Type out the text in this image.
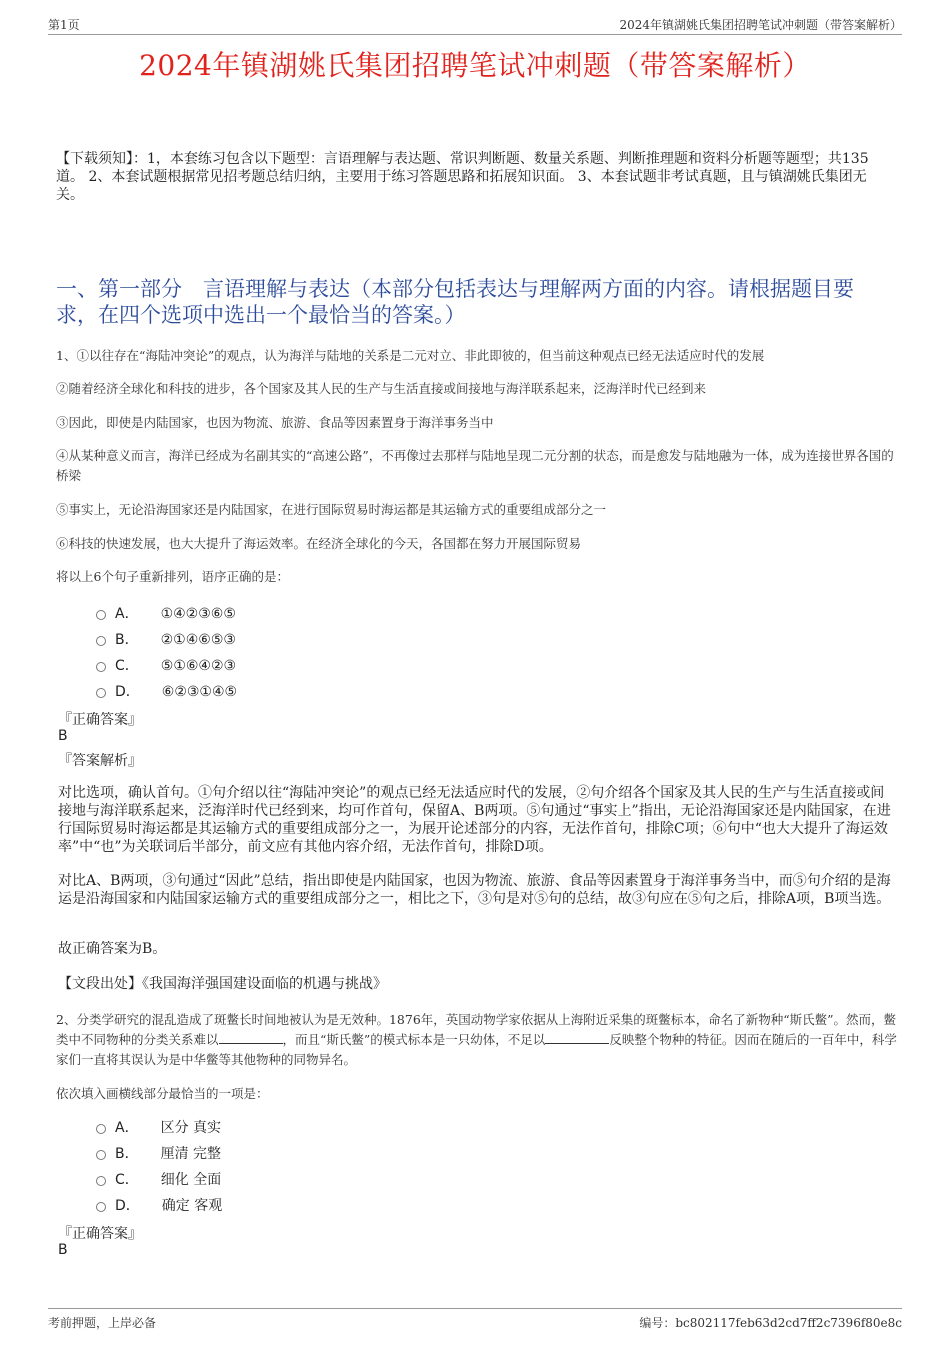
第1页	2024年镇湖姚氏集团招聘笔试冲刺题（带答案解析）
2024年镇湖姚氏集团招聘笔试冲刺题（带答案解析）
【下载须知】：1，本套练习包含以下题型：言语理解与表达题、常识判断题、数量关系题、判断推理题和资料分析题等题型；共135道。 2、本套试题根据常见招考题总结归纳，主要用于练习答题思路和拓展知识面。 3、本套试题非考试真题，且与镇湖姚氏集团无关。
一、第一部分　言语理解与表达（本部分包括表达与理解两方面的内容。请根据题目要求，在四个选项中选出一个最恰当的答案。）
1、①以往存在“海陆冲突论”的观点，认为海洋与陆地的关系是二元对立、非此即彼的，但当前这种观点已经无法适应时代的发展
②随着经济全球化和科技的进步，各个国家及其人民的生产与生活直接或间接地与海洋联系起来，泛海洋时代已经到来
③因此，即使是内陆国家，也因为物流、旅游、食品等因素置身于海洋事务当中
④从某种意义而言，海洋已经成为名副其实的“高速公路”，不再像过去那样与陆地呈现二元分割的状态，而是愈发与陆地融为一体，成为连接世界各国的桥梁
⑤事实上，无论沿海国家还是内陆国家，在进行国际贸易时海运都是其运输方式的重要组成部分之一
⑥科技的快速发展，也大大提升了海运效率。在经济全球化的今天，各国都在努力开展国际贸易
将以上6个句子重新排列，语序正确的是：
A． ①④②③⑥⑤
B． ②①④⑥⑤③
C． ⑤①⑥④②③
D． ⑥②③①④⑤
『正确答案』
B
『答案解析』
对比选项，确认首句。①句介绍以往“海陆冲突论”的观点已经无法适应时代的发展，②句介绍各个国家及其人民的生产与生活直接或间接地与海洋联系起来，泛海洋时代已经到来，均可作首句，保留A、B两项。⑤句通过“事实上”指出，无论沿海国家还是内陆国家，在进行国际贸易时海运都是其运输方式的重要组成部分之一，为展开论述部分的内容，无法作首句，排除C项；⑥句中“也大大提升了海运效率”中“也”为关联词后半部分，前文应有其他内容介绍，无法作首句，排除D项。
对比A、B两项，③句通过“因此”总结，指出即使是内陆国家，也因为物流、旅游、食品等因素置身于海洋事务当中，而⑤句介绍的是海运是沿海国家和内陆国家运输方式的重要组成部分之一，相比之下，③句是对⑤句的总结，故③句应在⑤句之后，排除A项，B项当选。
故正确答案为B。
【文段出处】《我国海洋强国建设面临的机遇与挑战》
2、分类学研究的混乱造成了斑鳖长时间地被认为是无效种。1876年，英国动物学家依据从上海附近采集的斑鳖标本，命名了新物种“斯氏鳖”。然而，鳖类中不同物种的分类关系难以	，而且“斯氏鳖”的模式标本是一只幼体，不足以	反映整个物种的特征。因而在随后的一百年中，科学家们一直将其误认为是中华鳖等其他物种的同物异名。
依次填入画横线部分最恰当的一项是：
A． 区分 真实
B． 厘清 完整
C． 细化 全面
D． 确定 客观
『正确答案』
B
考前押题，上岸必备	编号：bc802117feb63d2cd7ff2c7396f80e8c
